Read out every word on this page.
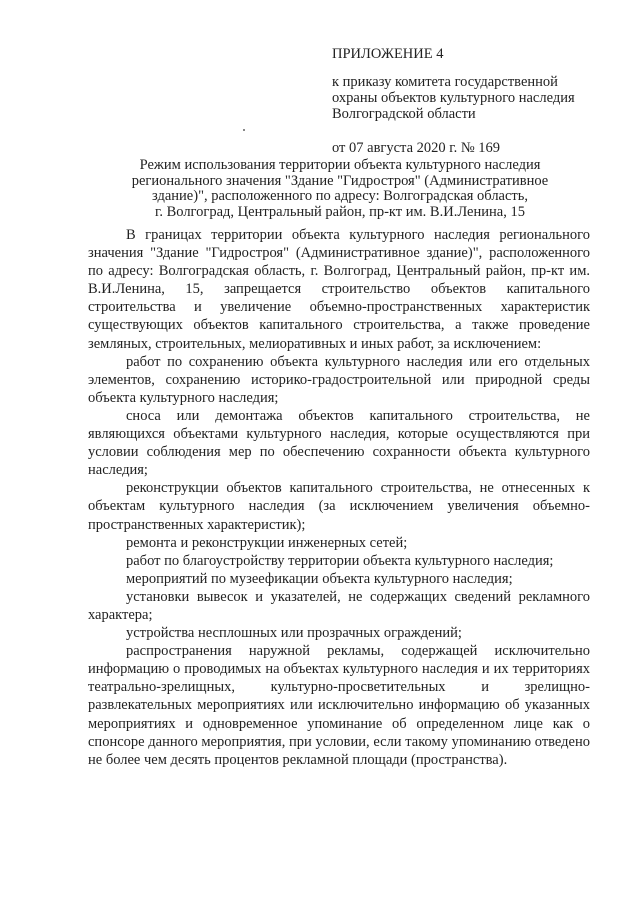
ПРИЛОЖЕНИЕ 4

к приказу комитета государственной

охраны объектов культурного наследия

Волгоградской области

от 07 августа 2020 г. № 169

Режим использования территории объекта культурного наследия
регионального значения "Здание "Гидростроя" (Административное
здание)", расположенного по адресу: Волгоградская область,
г. Волгоград, Центральный район, пр-кт им. В.И.Ленина, 15

В границах территории объекта культурного наследия регионального значения "Здание "Гидростроя" (Административное здание)", расположенного по адресу: Волгоградская область, г. Волгоград, Центральный район, пр-кт им. В.И.Ленина, 15, запрещается строительство объектов капитального строительства и увеличение объемно-пространственных характеристик существующих объектов капитального строительства, а также проведение земляных, строительных, мелиоративных и иных работ, за исключением:

работ по сохранению объекта культурного наследия или его отдельных элементов, сохранению историко-градостроительной или природной среды объекта культурного наследия;

сноса или демонтажа объектов капитального строительства, не являющихся объектами культурного наследия, которые осуществляются при условии соблюдения мер по обеспечению сохранности объекта культурного наследия;

реконструкции объектов капитального строительства, не отнесенных к объектам культурного наследия (за исключением увеличения объемно-пространственных характеристик);

ремонта и реконструкции инженерных сетей;

работ по благоустройству территории объекта культурного наследия;

мероприятий по музеефикации объекта культурного наследия;

установки вывесок и указателей, не содержащих сведений рекламного характера;

устройства несплошных или прозрачных ограждений;

распространения наружной рекламы, содержащей исключительно информацию о проводимых на объектах культурного наследия и их территориях театрально-зрелищных, культурно-просветительных и зрелищно-развлекательных мероприятиях или исключительно информацию об указанных мероприятиях и одновременное упоминание об определенном лице как о спонсоре данного мероприятия, при условии, если такому упоминанию отведено не более чем десять процентов рекламной площади (пространства).
